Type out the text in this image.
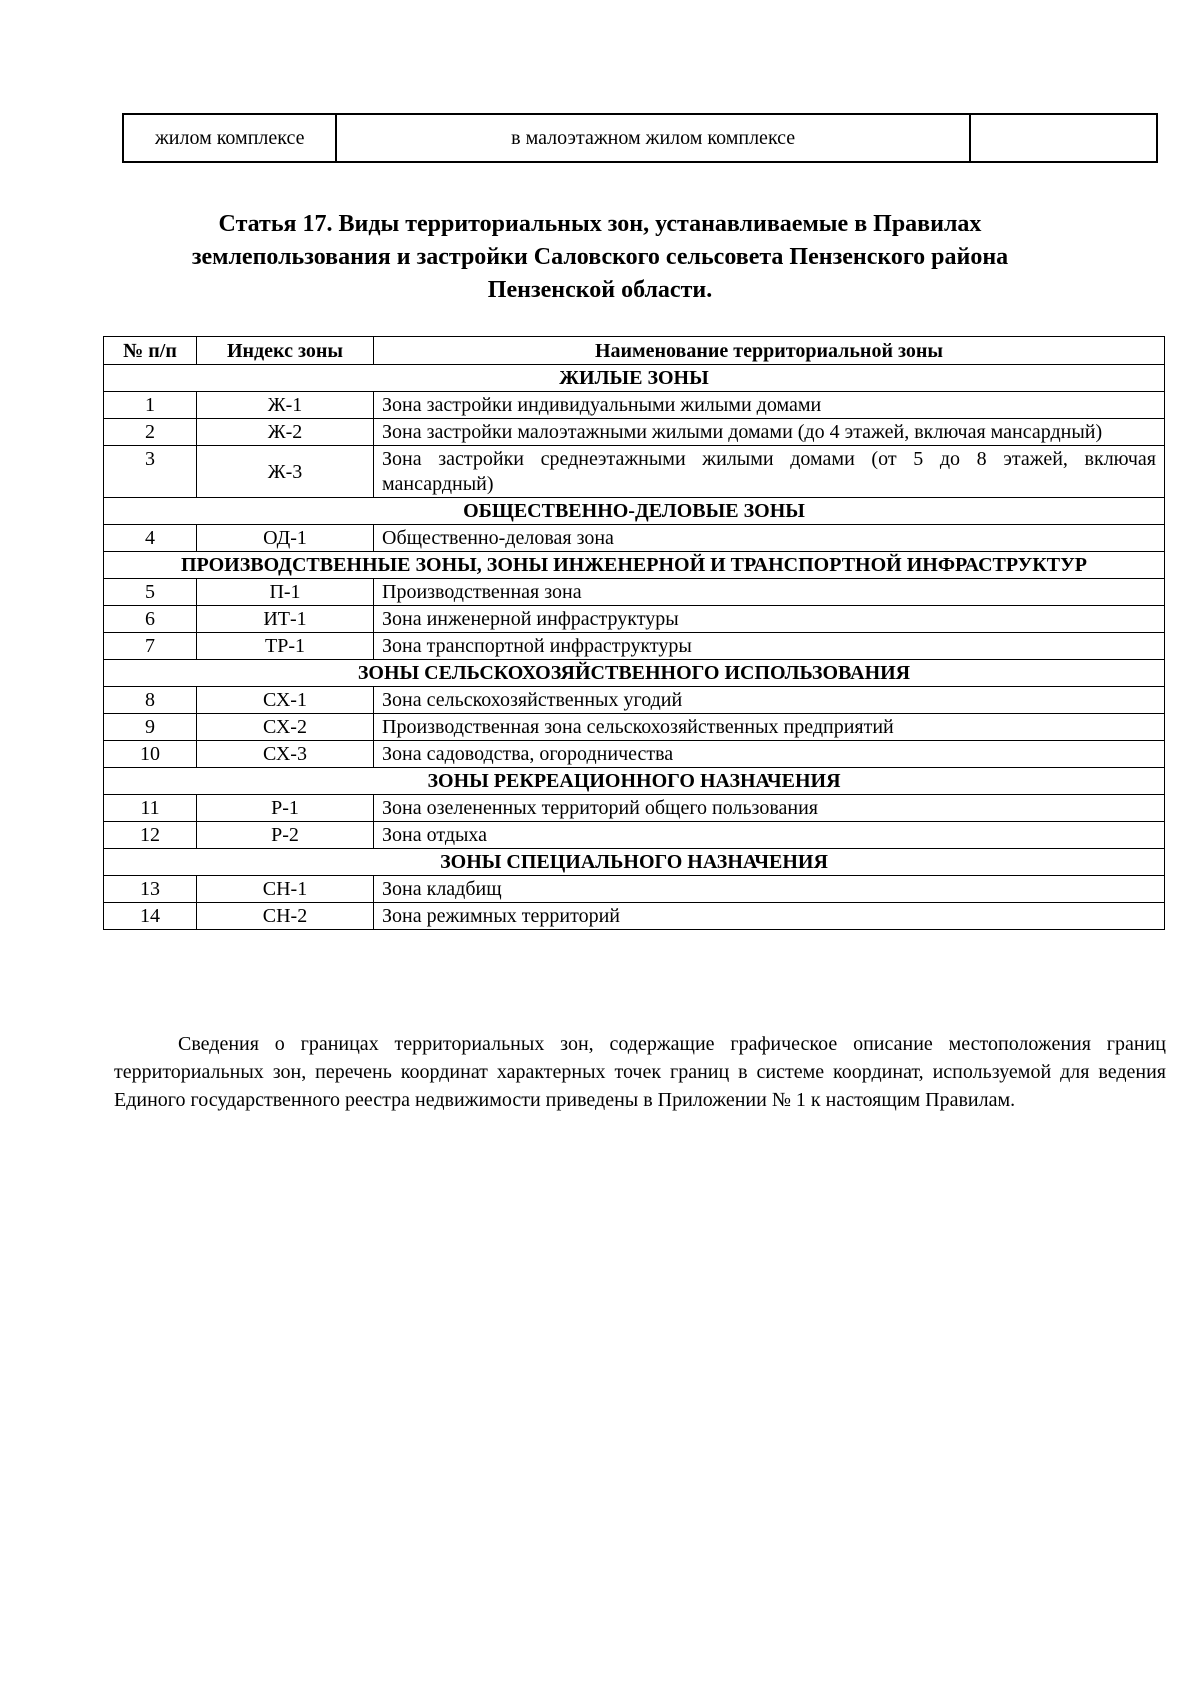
жилом комплексе	в малоэтажном жилом комплексе	
Статья 17. Виды территориальных зон, устанавливаемые в Правилах землепользования и застройки Саловского сельсовета Пензенского района Пензенской области.
№ п/п	Индекс зоны	Наименование территориальной зоны
ЖИЛЫЕ ЗОНЫ		
1	Ж-1	Зона застройки индивидуальными жилыми домами
2	Ж-2	Зона застройки малоэтажными жилыми домами (до 4 этажей, включая мансардный)
3	Ж-3	Зона застройки среднеэтажными жилыми домами (от 5 до 8 этажей, включая мансардный)
ОБЩЕСТВЕННО-ДЕЛОВЫЕ ЗОНЫ		
4	ОД-1	Общественно-деловая зона
ПРОИЗВОДСТВЕННЫЕ ЗОНЫ, ЗОНЫ ИНЖЕНЕРНОЙ И ТРАНСПОРТНОЙ ИНФРАСТРУКТУР		
5	П-1	Производственная зона
6	ИТ-1	Зона инженерной инфраструктуры
7	ТР-1	Зона транспортной инфраструктуры
ЗОНЫ СЕЛЬСКОХОЗЯЙСТВЕННОГО ИСПОЛЬЗОВАНИЯ		
8	СХ-1	Зона сельскохозяйственных угодий
9	СХ-2	Производственная зона сельскохозяйственных предприятий
10	СХ-3	Зона садоводства, огородничества
ЗОНЫ РЕКРЕАЦИОННОГО НАЗНАЧЕНИЯ		
11	Р-1	Зона озелененных территорий общего пользования
12	Р-2	Зона отдыха
ЗОНЫ СПЕЦИАЛЬНОГО НАЗНАЧЕНИЯ		
13	СН-1	Зона кладбищ
14	СН-2	Зона режимных территорий

Сведения о границах территориальных зон, содержащие графическое описание местоположения границ территориальных зон, перечень координат характерных точек границ в системе координат, используемой для ведения Единого государственного реестра недвижимости приведены в Приложении № 1 к настоящим Правилам.
